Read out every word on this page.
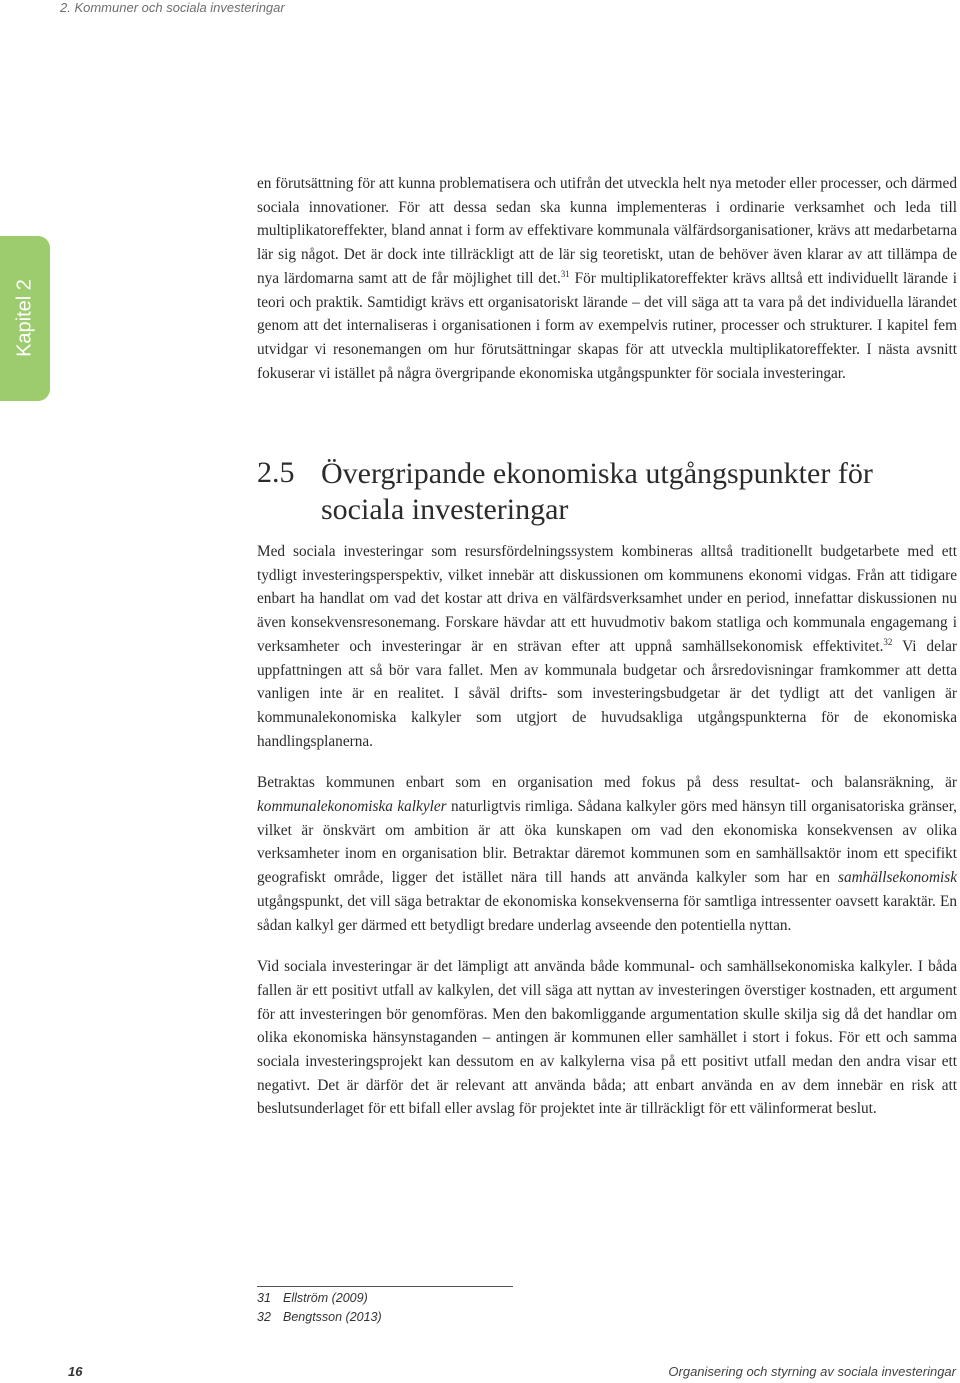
2. Kommuner och sociala investeringar
Kapitel 2

en förutsättning för att kunna problematisera och utifrån det utveckla helt nya metoder eller processer, och därmed sociala innovationer. För att dessa sedan ska kunna implementeras i ordinarie verksamhet och leda till multiplikatoreffekter, bland annat i form av effektivare kommunala välfärdsorganisationer, krävs att medarbetarna lär sig något. Det är dock inte tillräckligt att de lär sig teoretiskt, utan de behöver även klarar av att tillämpa de nya lärdomarna samt att de får möjlighet till det.$^{31}$ För multiplikatoreffekter krävs alltså ett individuellt lärande i teori och praktik. Samtidigt krävs ett organisatoriskt lärande – det vill säga att ta vara på det individuella lärandet genom att det internaliseras i organisationen i form av exempelvis rutiner, processer och strukturer. I kapitel fem utvidgar vi resonemangen om hur förutsättningar skapas för att utveckla multiplikatoreffekter. I nästa avsnitt fokuserar vi istället på några övergripande ekonomiska utgångspunkter för sociala investeringar.

2.5 Övergripande ekonomiska utgångspunkter för sociala investeringar

Med sociala investeringar som resursfördelningssystem kombineras alltså traditionellt budgetarbete med ett tydligt investeringsperspektiv, vilket innebär att diskussionen om kommunens ekonomi vidgas. Från att tidigare enbart ha handlat om vad det kostar att driva en välfärdsverksamhet under en period, innefattar diskussionen nu även konsekvensresonemang. Forskare hävdar att ett huvudmotiv bakom statliga och kommunala engagemang i verksamheter och investeringar är en strävan efter att uppnå samhällsekonomisk effektivitet.$^{32}$ Vi delar uppfattningen att så bör vara fallet. Men av kommunala budgetar och årsredovisningar framkommer att detta vanligen inte är en realitet. I såväl drifts- som investeringsbudgetar är det tydligt att det vanligen är kommunalekonomiska kalkyler som utgjort de huvudsakliga utgångspunkterna för de ekonomiska handlingsplanerna.

Betraktas kommunen enbart som en organisation med fokus på dess resultat- och balansräkning, är kommunalekonomiska kalkyler naturligtvis rimliga. Sådana kalkyler görs med hänsyn till organisatoriska gränser, vilket är önskvärt om ambition är att öka kunskapen om vad den ekonomiska konsekvensen av olika verksamheter inom en organisation blir. Betraktar däremot kommunen som en samhällsaktör inom ett specifikt geografiskt område, ligger det istället nära till hands att använda kalkyler som har en samhällsekonomisk utgångspunkt, det vill säga betraktar de ekonomiska konsekvenserna för samtliga intressenter oavsett karaktär. En sådan kalkyl ger därmed ett betydligt bredare underlag avseende den potentiella nyttan.

Vid sociala investeringar är det lämpligt att använda både kommunal- och samhällsekonomiska kalkyler. I båda fallen är ett positivt utfall av kalkylen, det vill säga att nyttan av investeringen överstiger kostnaden, ett argument för att investeringen bör genomföras. Men den bakomliggande argumentation skulle skilja sig då det handlar om olika ekonomiska hänsynstaganden – antingen är kommunen eller samhället i stort i fokus. För ett och samma sociala investeringsprojekt kan dessutom en av kalkylerna visa på ett positivt utfall medan den andra visar ett negativt. Det är därför det är relevant att använda båda; att enbart använda en av dem innebär en risk att beslutsunderlaget för ett bifall eller avslag för projektet inte är tillräckligt för ett välinformerat beslut.

31 Ellström (2009)
32 Bengtsson (2013)
16	Organisering och styrning av sociala investeringar
